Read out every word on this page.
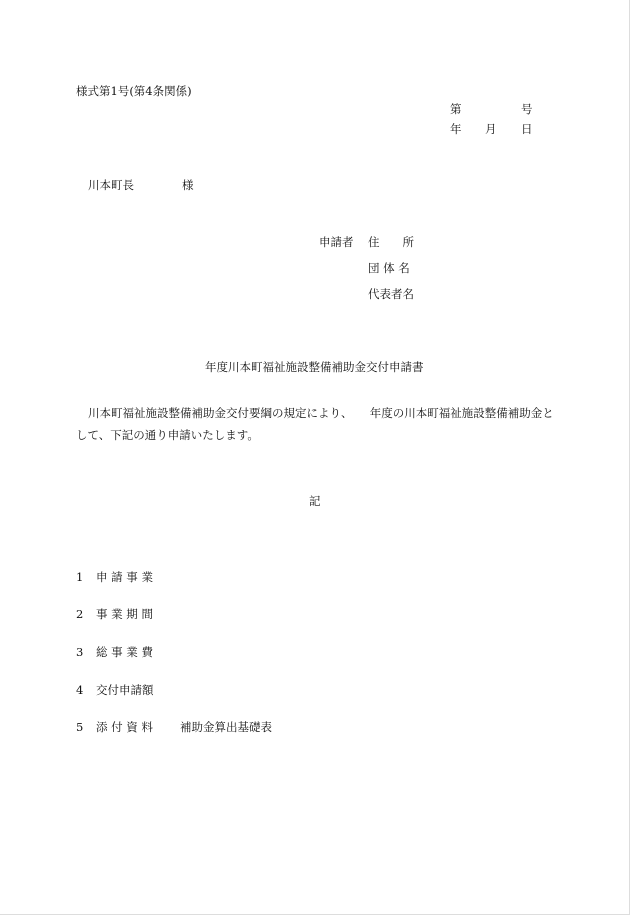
様式第1号(第4条関係)
第	号
年 月 日
川本町長	様
申請者 住　　所
団 体 名
代表者名
年度川本町福祉施設整備補助金交付申請書
川本町福祉施設整備補助金交付要綱の規定により、　　年度の川本町福祉施設整備補助金として、下記の通り申請いたします。
記
1 申 請 事 業
2 事 業 期 間
3 総 事 業 費
4 交付申請額
5 添 付 資 料 補助金算出基礎表
